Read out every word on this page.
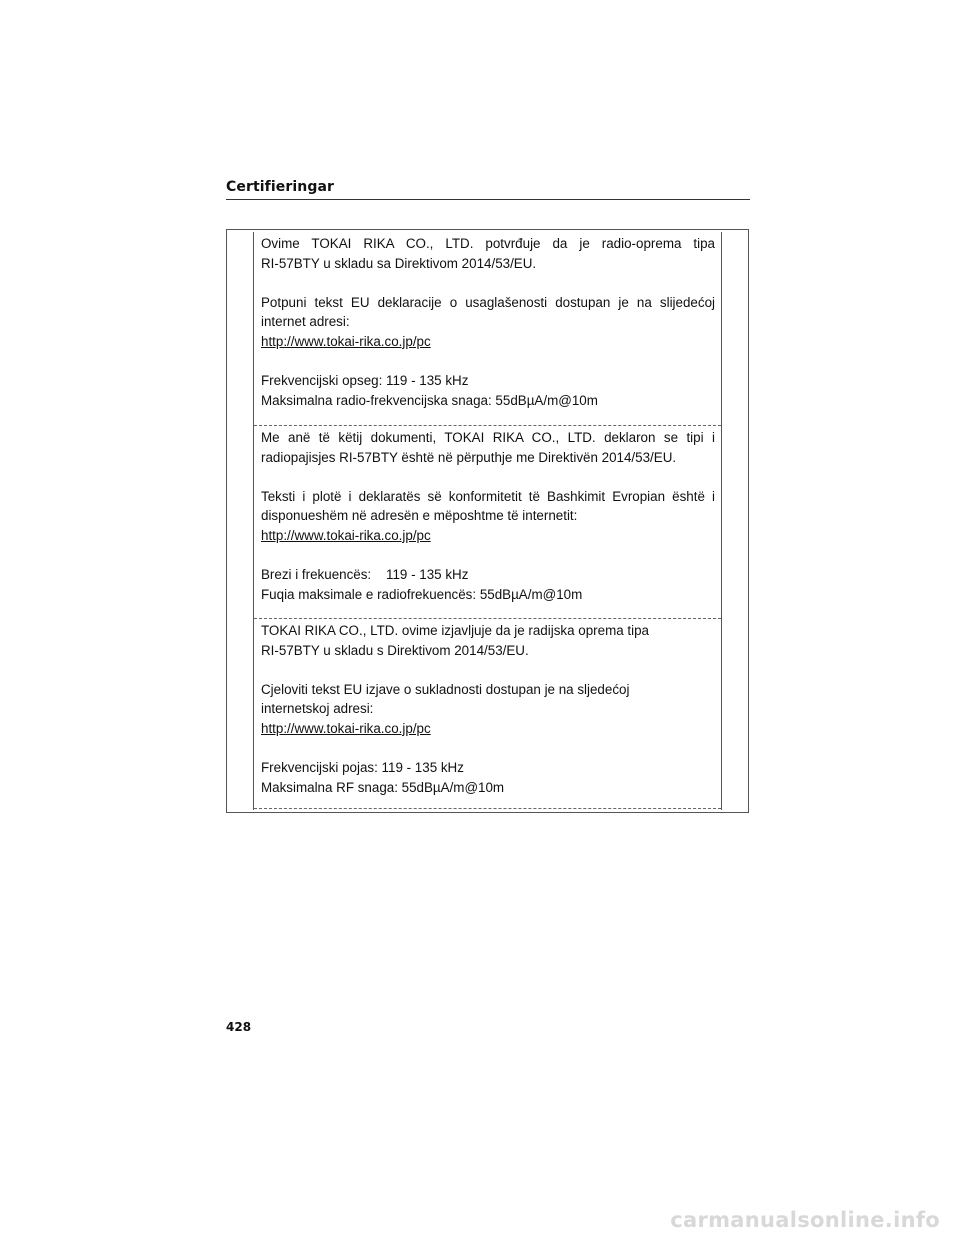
Certifieringar

Ovime TOKAI RIKA CO., LTD. potvrđuje da je radio-oprema tipa

RI-57BTY u skladu sa Direktivom 2014/53/EU.

Potpuni tekst EU deklaracije o usaglašenosti dostupan je na slijedećoj

internet adresi:

http://www.tokai-rika.co.jp/pc

Frekvencijski opseg: 119 - 135 kHz

Maksimalna radio-frekvencijska snaga: 55dBµA/m@10m

Me anë të këtij dokumenti, TOKAI RIKA CO., LTD. deklaron se tipi i

radiopajisjes RI-57BTY është në përputhje me Direktivën 2014/53/EU.

Teksti i plotë i deklaratës së konformitetit të Bashkimit Evropian është i

disponueshëm në adresën e mëposhtme të internetit:

http://www.tokai-rika.co.jp/pc

Brezi i frekuencës:    119 - 135 kHz

Fuqia maksimale e radiofrekuencës: 55dBµA/m@10m

TOKAI RIKA CO., LTD. ovime izjavljuje da je radijska oprema tipa

RI-57BTY u skladu s Direktivom 2014/53/EU.

Cjeloviti tekst EU izjave o sukladnosti dostupan je na sljedećoj

internetskoj adresi:

http://www.tokai-rika.co.jp/pc

Frekvencijski pojas: 119 - 135 kHz

Maksimalna RF snaga: 55dBµA/m@10m

428
carmanualsonline.info
